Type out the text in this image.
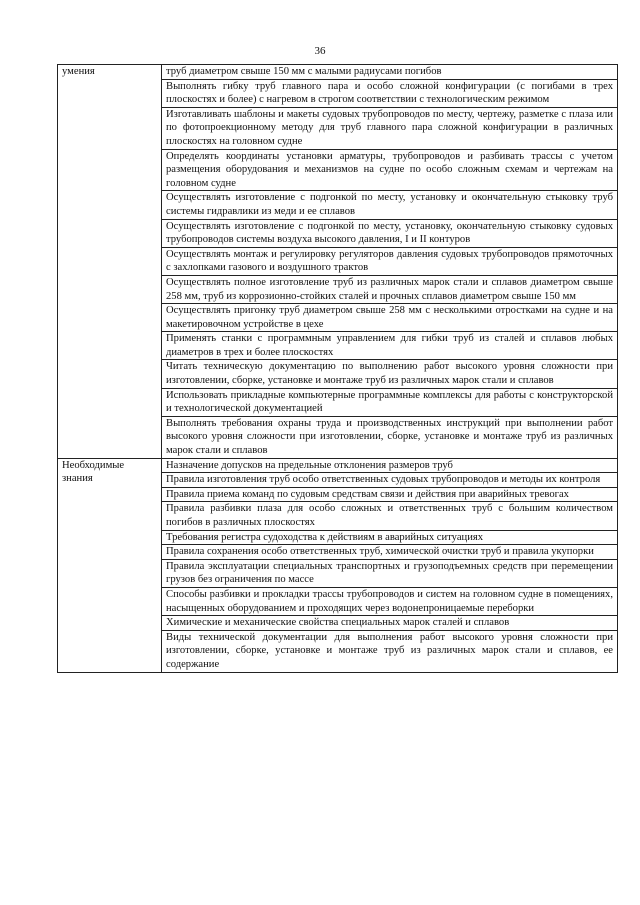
36
умения	труб диаметром свыше 150 мм с малыми радиусами погибов
	Выполнять гибку труб главного пара и особо сложной конфигурации (с погибами в трех плоскостях и более) с нагревом в строгом соответствии с технологическим режимом
	Изготавливать шаблоны и макеты судовых трубопроводов по месту, чертежу, разметке с плаза или по фотопроекционному методу для труб главного пара сложной конфигурации в различных плоскостях на головном судне
	Определять координаты установки арматуры, трубопроводов и разбивать трассы с учетом размещения оборудования и механизмов на судне по особо сложным схемам и чертежам на головном судне
	Осуществлять изготовление с подгонкой по месту, установку и окончательную стыковку труб системы гидравлики из меди и ее сплавов
	Осуществлять изготовление с подгонкой по месту, установку, окончательную стыковку судовых трубопроводов системы воздуха высокого давления, I и II контуров
	Осуществлять монтаж и регулировку регуляторов давления судовых трубопроводов прямоточных с захлопками газового и воздушного трактов
	Осуществлять полное изготовление труб из различных марок стали и сплавов диаметром свыше 258 мм, труб из коррозионно-стойких сталей и прочных сплавов диаметром свыше 150 мм
	Осуществлять пригонку труб диаметром свыше 258 мм с несколькими отростками на судне и на макетировочном устройстве в цехе
	Применять станки с программным управлением для гибки труб из сталей и сплавов любых диаметров в трех и более плоскостях
	Читать техническую документацию по выполнению работ высокого уровня сложности при изготовлении, сборке, установке и монтаже труб из различных марок стали и сплавов
	Использовать прикладные компьютерные программные комплексы для работы с конструкторской и технологической документацией
	Выполнять требования охраны труда и производственных инструкций при выполнении работ высокого уровня сложности при изготовлении, сборке, установке и монтаже труб из различных марок стали и сплавов
Необходимые знания	Назначение допусков на предельные отклонения размеров труб
	Правила изготовления труб особо ответственных судовых трубопроводов и методы их контроля
	Правила приема команд по судовым средствам связи и действия при аварийных тревогах
	Правила разбивки плаза для особо сложных и ответственных труб с большим количеством погибов в различных плоскостях
	Требования регистра судоходства к действиям в аварийных ситуациях
	Правила сохранения особо ответственных труб, химической очистки труб и правила укупорки
	Правила эксплуатации специальных транспортных и грузоподъемных средств при перемещении грузов без ограничения по массе
	Способы разбивки и прокладки трассы трубопроводов и систем на головном судне в помещениях, насыщенных оборудованием и проходящих через водонепроницаемые переборки
	Химические и механические свойства специальных марок сталей и сплавов
	Виды технической документации для выполнения работ высокого уровня сложности при изготовлении, сборке, установке и монтаже труб из различных марок стали и сплавов, ее содержание
